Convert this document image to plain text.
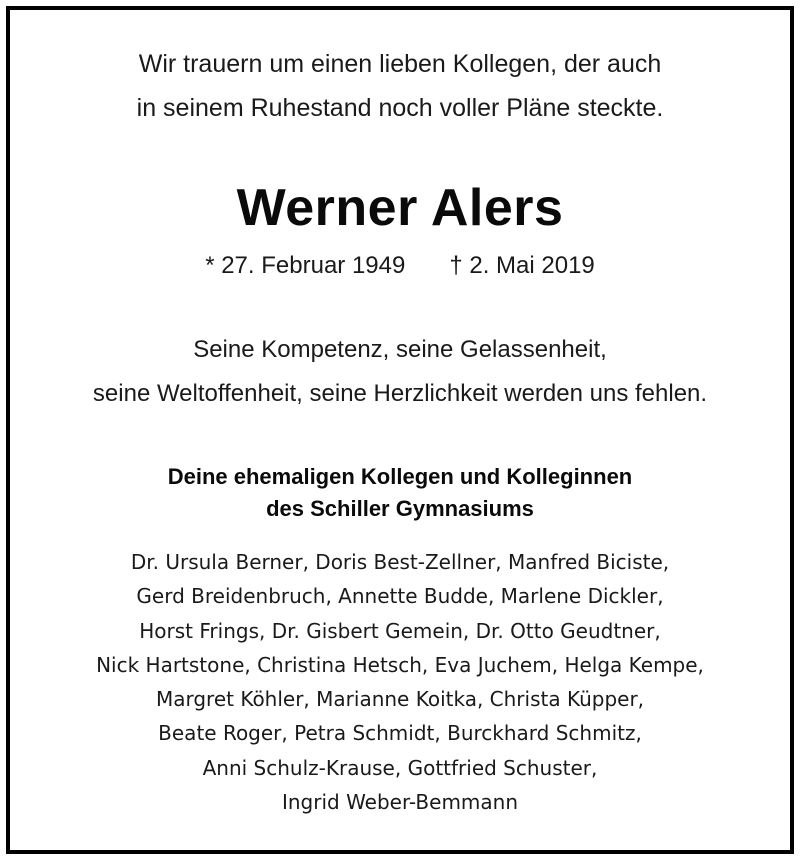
Wir trauern um einen lieben Kollegen, der auch
in seinem Ruhestand noch voller Pläne steckte.
Werner Alers
* 27. Februar 1949 † 2. Mai 2019
Seine Kompetenz, seine Gelassenheit,
seine Weltoffenheit, seine Herzlichkeit werden uns fehlen.
Deine ehemaligen Kollegen und Kolleginnen
des Schiller Gymnasiums
Dr. Ursula Berner, Doris Best-Zellner, Manfred Biciste,
Gerd Breidenbruch, Annette Budde, Marlene Dickler,
Horst Frings, Dr. Gisbert Gemein, Dr. Otto Geudtner,
Nick Hartstone, Christina Hetsch, Eva Juchem, Helga Kempe,
Margret Köhler, Marianne Koitka, Christa Küpper,
Beate Roger, Petra Schmidt, Burckhard Schmitz,
Anni Schulz-Krause, Gottfried Schuster,
Ingrid Weber-Bemmann
